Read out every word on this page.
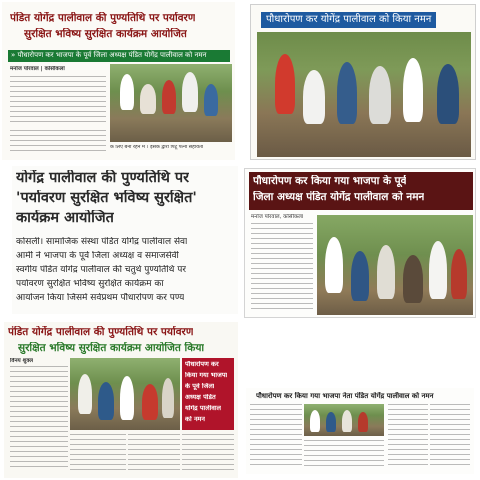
पंडित योगेंद्र पालीवाल की पुण्यतिथि पर पर्यावरण
सुरक्षित भविष्य सुरक्षित कार्यक्रम आयोजित
» पौधारोपण कर भाजपा के पूर्व जिला अध्यक्ष पंडित योगेंद्र पालीवाल को नमन
मनोज पोरवाल | कोसीकलां
के लिए बना रहने में । इसके द्वारा पिंटू पत्नी सहायता
पौधारोपण कर योगेंद्र पालीवाल को किया नमन
योगेंद्र पालीवाल की पुण्यतिथि पर
'पर्यावरण सुरक्षित भविष्य सुरक्षित'
कार्यक्रम आयोजित
कोसली। सामाजिक संस्था पंडित योगेंद्र पालीवाल सेवा
आर्मी ने भाजपा के पूर्व जिला अध्यक्ष व समाजसेवी
स्वर्गीय पंडित योगेंद्र पालीवाल की चतुर्थ पुण्यतिथि पर
पर्यावरण सुरक्षित भविष्य सुरक्षित कार्यक्रम का
आयोजन किया जिसमें सर्वप्रथम पौधारोपण कर पण्य
पौधारोपण कर किया गया भाजपा के पूर्व
जिला अध्यक्ष पंडित योगेंद्र पालीवाल को नमन
मनोज पोरवाल, कोसीकलां
पंडित योगेंद्र पालीवाल की पुण्यतिथि पर पर्यावरण
सुरक्षित भविष्य सुरक्षित कार्यक्रम आयोजित किया
विनय शुक्ल	पौधारोपण कर
किया गया भाजपा
के पूर्व जिला
अध्यक्ष पंडित
योगेंद्र पालीवाल
को नमन
पौधारोपण कर किया गया भाजपा नेता पंडित योगेंद्र पालीवाल को नमन
